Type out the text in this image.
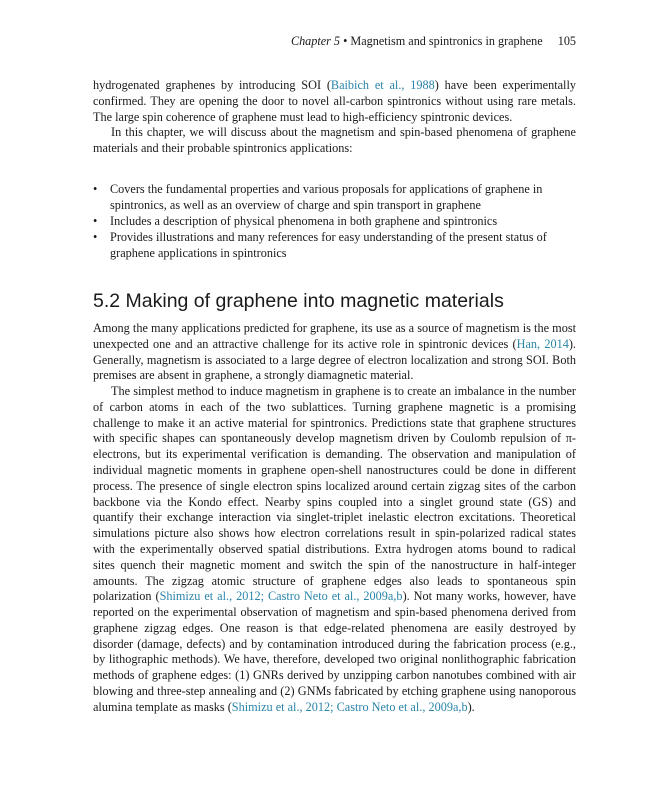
Chapter 5 • Magnetism and spintronics in graphene 105

hydrogenated graphenes by introducing SOI (Baibich et al., 1988) have been experimentally confirmed. They are opening the door to novel all-carbon spintronics without using rare metals. The large spin coherence of graphene must lead to high-efficiency spintronic devices.

In this chapter, we will discuss about the magnetism and spin-based phenomena of graphene materials and their probable spintronics applications:

• Covers the fundamental properties and various proposals for applications of graphene in spintronics, as well as an overview of charge and spin transport in graphene
• Includes a description of physical phenomena in both graphene and spintronics
• Provides illustrations and many references for easy understanding of the present status of graphene applications in spintronics
5.2 Making of graphene into magnetic materials

Among the many applications predicted for graphene, its use as a source of magnetism is the most unexpected one and an attractive challenge for its active role in spintronic devices (Han, 2014). Generally, magnetism is associated to a large degree of electron localization and strong SOI. Both premises are absent in graphene, a strongly diamagnetic material.

The simplest method to induce magnetism in graphene is to create an imbalance in the number of carbon atoms in each of the two sublattices. Turning graphene magnetic is a promising challenge to make it an active material for spintronics. Predictions state that graphene structures with specific shapes can spontaneously develop magnetism driven by Coulomb repulsion of π-electrons, but its experimental verification is demanding. The observation and manipulation of individual magnetic moments in graphene open-shell nanostructures could be done in different process. The presence of single electron spins localized around certain zigzag sites of the carbon backbone via the Kondo effect. Nearby spins coupled into a singlet ground state (GS) and quantify their exchange interaction via singlet-triplet inelastic electron excitations. Theoretical simulations picture also shows how electron correlations result in spin-polarized radical states with the experimentally observed spatial distributions. Extra hydrogen atoms bound to radical sites quench their magnetic moment and switch the spin of the nanostructure in half-integer amounts. The zigzag atomic structure of graphene edges also leads to spontaneous spin polarization (Shimizu et al., 2012; Castro Neto et al., 2009a,b). Not many works, however, have reported on the experimental observation of magnetism and spin-based phenomena derived from graphene zigzag edges. One reason is that edge-related phenomena are easily destroyed by disorder (damage, defects) and by contamination introduced during the fabrication process (e.g., by lithographic methods). We have, therefore, developed two original nonlithographic fabrication methods of graphene edges: (1) GNRs derived by unzipping carbon nanotubes combined with air blowing and three-step annealing and (2) GNMs fabricated by etching graphene using nanoporous alumina template as masks (Shimizu et al., 2012; Castro Neto et al., 2009a,b).
